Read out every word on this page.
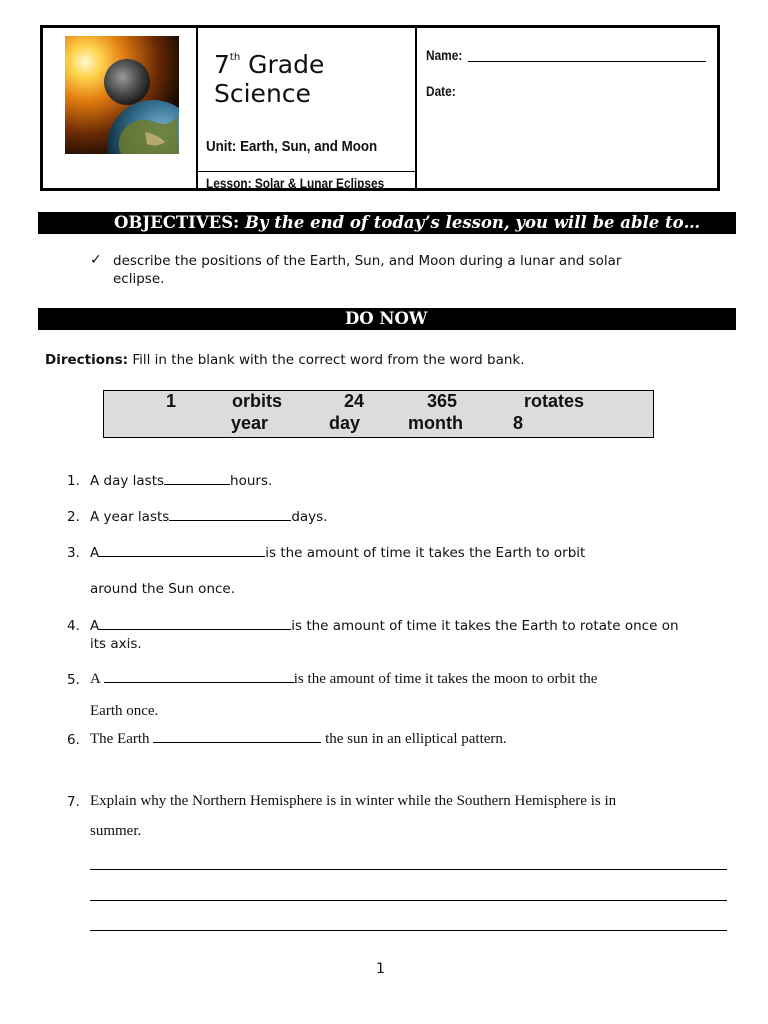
7th Grade
Science
Unit: Earth, Sun, and Moon
Lesson: Solar & Lunar Eclipses
Name:
Date:
OBJECTIVES: By the end of today’s lesson, you will be able to…
✓ describe the positions of the Earth, Sun, and Moon during a lunar and solar eclipse.
DO NOW
Directions: Fill in the blank with the correct word from the word bank.
1	orbits	24	365	rotates
year	day	month	8
1. A day lasts	hours.
2. A year lasts	days.
3. A	is the amount of time it takes the Earth to orbit
around the Sun once.
4. A	is the amount of time it takes the Earth to rotate once on
its axis.
5. A	is the amount of time it takes the moon to orbit the
Earth once.
6. The Earth	the sun in an elliptical pattern.
7. Explain why the Northern Hemisphere is in winter while the Southern Hemisphere is in
summer.
1
